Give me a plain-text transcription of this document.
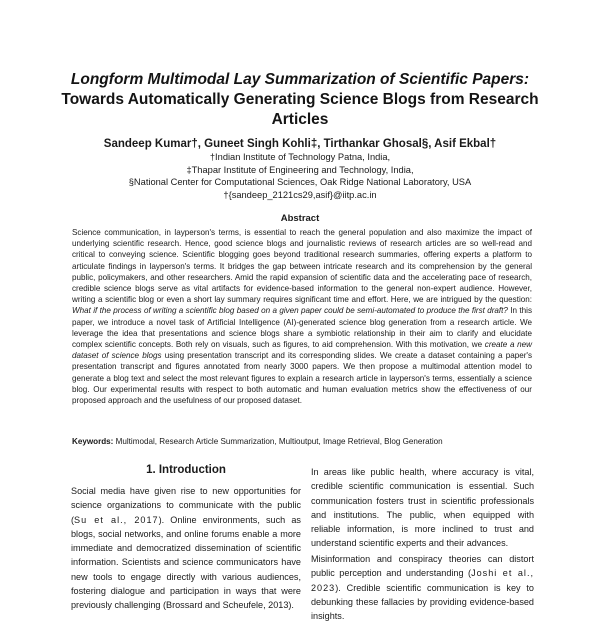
Longform Multimodal Lay Summarization of Scientific Papers:
Towards Automatically Generating Science Blogs from Research Articles

Sandeep Kumar†, Guneet Singh Kohli‡, Tirthankar Ghosal§, Asif Ekbal†

†Indian Institute of Technology Patna, India,

‡Thapar Institute of Engineering and Technology, India,

§National Center for Computational Sciences, Oak Ridge National Laboratory, USA

†{sandeep_2121cs29,asif}@iitp.ac.in

Abstract

Science communication, in layperson's terms, is essential to reach the general population and also maximize the impact of underlying scientific research. Hence, good science blogs and journalistic reviews of research articles are so well-read and critical to conveying science. Scientific blogging goes beyond traditional research summaries, offering experts a platform to articulate findings in layperson's terms. It bridges the gap between intricate research and its comprehension by the general public, policymakers, and other researchers. Amid the rapid expansion of scientific data and the accelerating pace of research, credible science blogs serve as vital artifacts for evidence-based information to the general non-expert audience. However, writing a scientific blog or even a short lay summary requires significant time and effort. Here, we are intrigued by the question: What if the process of writing a scientific blog based on a given paper could be semi-automated to produce the first draft? In this paper, we introduce a novel task of Artificial Intelligence (AI)-generated science blog generation from a research article. We leverage the idea that presentations and science blogs share a symbiotic relationship in their aim to clarify and elucidate complex scientific concepts. Both rely on visuals, such as figures, to aid comprehension. With this motivation, we create a new dataset of science blogs using presentation transcript and its corresponding slides. We create a dataset containing a paper's presentation transcript and figures annotated from nearly 3000 papers. We then propose a multimodal attention model to generate a blog text and select the most relevant figures to explain a research article in layperson's terms, essentially a science blog. Our experimental results with respect to both automatic and human evaluation metrics show the effectiveness of our proposed approach and the usefulness of our proposed dataset.

Keywords: Multimodal, Research Article Summarization, Multioutput, Image Retrieval, Blog Generation

1. Introduction

Social media have given rise to new opportunities for science organizations to communicate with the public (Su et al., 2017). Online environments, such as blogs, social networks, and online forums enable a more immediate and democratized dissemination of scientific information. Scientists and science communicators have new tools to engage directly with various audiences, fostering dialogue and participation in ways that were previously challenging (Brossard and Scheufele, 2013).

In areas like public health, where accuracy is vital, credible scientific communication is essential. Such communication fosters trust in scientific professionals and institutions. The public, when equipped with reliable information, is more inclined to trust and understand scientific experts and their advances.

Misinformation and conspiracy theories can distort public perception and understanding (Joshi et al., 2023). Credible scientific communication is key to debunking these fallacies by providing evidence-based insights.
